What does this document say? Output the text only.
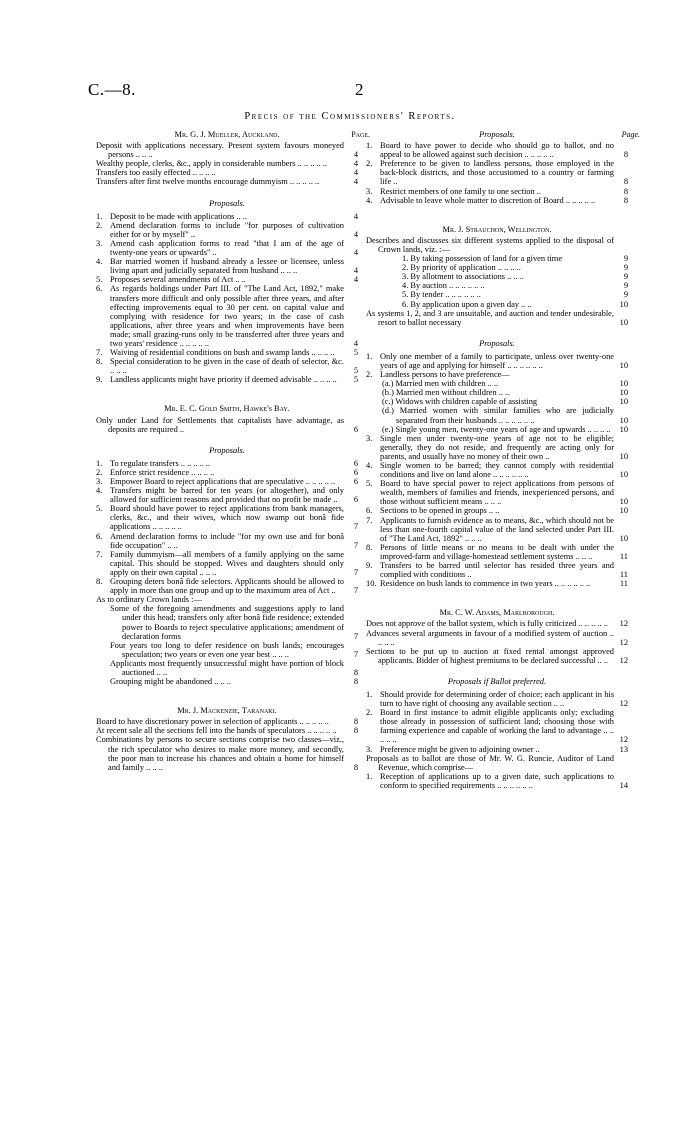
C.—8.	2
Precis of the Commissioners' Reports.
Mr. G. J. Mueller, Auckland.	Page.
Deposit with applications necessary. Present system favours moneyed persons .. .. ..	4
Wealthy people, clerks, &c., apply in considerable numbers .. .. .. .. ..	4
Transfers too easily effected .. .. .. ..	4
Transfers after first twelve months encourage dummyism .. .. .. .. ..	4
Proposals.
1. Deposit to be made with applications .. ..	4
2. Amend declaration forms to include "for purposes of cultivation either for or by myself" ..	4
3. Amend cash application forms to read "that I am of the age of twenty-one years or upwards" ..	4
4. Bar married women if husband already a lessee or licensee, unless living apart and judicially separated from husband .. .. ..	4
5. Proposes several amendments of Act .. ..	4
6. As regards holdings under Part III. of "The Land Act, 1892," make transfers more difficult and only possible after three years, and after effecting improvements equal to 30 per cent. on capital value and complying with residence for two years; in the case of cash applications, after three years and when improvements have been made; small grazing-runs only to be transferred after three years and two years' residence .. .. .. .. ..	4
7. Waiving of residential conditions on bush and swamp lands .. .. .. ..	5
8. Special consideration to be given in the case of death of selector, &c. .. .. ..	5
9. Landless applicants might have priority if deemed advisable .. .. .. ..	5
Mr. E. C. Gold Smith, Hawke's Bay.
Only under Land for Settlements that capitalists have advantage, as deposits are required ..	6
Proposals.
1. To regulate transfers .. .. .. .. ..	6
2. Enforce strict residence .. .. .. ..	6
3. Empower Board to reject applications that are speculative .. .. .. .. ..	6
4. Transfers might be barred for ten years (or altogether), and only allowed for sufficient reasons and provided that no profit be made ..	6
5. Board should have power to reject applications from bank managers, clerks, &c., and their wives, which now swamp out bonâ fide applications .. .. .. .. ..	7
6. Amend declaration forms to include "for my own use and for bonâ fide occupation" .. ..	7
7. Family dummyism—all members of a family applying on the same capital. This should be stopped. Wives and daughters should only apply on their own capital .. .. ..	7
8. Grouping deters bonâ fide selectors. Applicants should be allowed to apply in more than one group and up to the maximum area of Act ..	7
As to ordinary Crown lands :—
Some of the foregoing amendments and suggestions apply to land under this head; transfers only after bonâ fide residence; extended power to Boards to reject speculative applications; amendment of declaration forms	7
Four years too long to defer residence on bush lands; encourages speculation; two years or even one year best .. .. ..	7
Applicants most frequently unsuccessful might have portion of block auctioned .. ..	8
Grouping might be abandoned .. .. ..	8
Mr. J. Mackenzie, Taranaki.
Board to have discretionary power in selection of applicants .. .. .. .. ..	8
At recent sale all the sections fell into the hands of speculators .. .. .. .. ..	8
Combinations by persons to secure sections comprise two classes—viz., the rich speculator who desires to make more money, and secondly, the poor man to increase his chances and obtain a home for himself and family .. .. ..	8
Proposals.	Page.
1. Board to have power to decide who should go to ballot, and no appeal to be allowed against such decision .. .. .. .. ..	8
2. Preference to be given to landless persons, those employed in the back-block districts, and those accustomed to a country or farming life ..	8
3. Restrict members of one family to one section ..	8
4. Advisable to leave whole matter to discretion of Board .. .. .. .. ..	8
Mr. J. Strauchon, Wellington.
Describes and discusses six different systems applied to the disposal of Crown lands, viz. :—
1. By taking possession of land for a given time	9
2. By priority of application .. .. .. ..	9
3. By allotment to associations .. .. ..	9
4. By auction .. .. .. .. .. ..	9
5. By tender .. .. .. .. .. ..	9
6. By application upon a given day .. ..	10
As systems 1, 2, and 3 are unsuitable, and auction and tender undesirable, resort to ballot necessary	10
Proposals.
1. Only one member of a family to participate, unless over twenty-one years of age and applying for himself .. .. .. .. .. ..	10
2. Landless persons to have preference—
(a.) Married men with children .. ..	10
(b.) Married men without children .. ..	10
(c.) Widows with children capable of assisting	10
(d.) Married women with similar families who are judicially separated from their husbands .. .. .. .. .. ..	10
(e.) Single young men, twenty-one years of age and upwards .. .. .. ..	10
3. Single men under twenty-one years of age not to be eligible; generally, they do not reside, and frequently are acting only for parents, and usually have no money of their own ..	10
4. Single women to be barred; they cannot comply with residential conditions and live on land alone .. .. .. .. .. ..	10
5. Board to have special power to reject applications from persons of wealth, members of families and friends, inexperienced persons, and those without sufficient means .. .. ..	10
6. Sections to be opened in groups .. ..	10
7. Applicants to furnish evidence as to means, &c., which should not be less than one-fourth capital value of the land selected under Part III. of "The Land Act, 1892" .. .. ..	10
8. Persons of little means or no means to be dealt with under the improved-farm and village-homestead settlement systems .. .. ..	11
9. Transfers to be barred until selector has resided three years and complied with conditions ..	11
10. Residence on bush lands to commence in two years .. .. .. .. .. ..	11
Mr. C. W. Adams, Marlborough.
Does not approve of the ballot system, which is fully criticized .. .. .. .. ..	12
Advances several arguments in favour of a modified system of auction .. .. .. ..	12
Sections to be put up to auction at fixed rental amongst approved applicants. Bidder of highest premiums to be declared successful .. ..	12
Proposals if Ballot preferred.
1. Should provide for determining order of choice; each applicant in his turn to have right of choosing any available section .. ..	12
2. Board in first instance to admit eligible applicants only; excluding those already in possession of sufficient land; choosing those with farming experience and capable of working the land to advantage .. .. .. .. ..	12
3. Preference might be given to adjoining owner ..	13
Proposals as to ballot are those of Mr. W. G. Runcie, Auditor of Land Revenue, which comprise—
1. Reception of applications up to a given date, such applications to conform to specified requirements .. .. .. .. .. ..	14
